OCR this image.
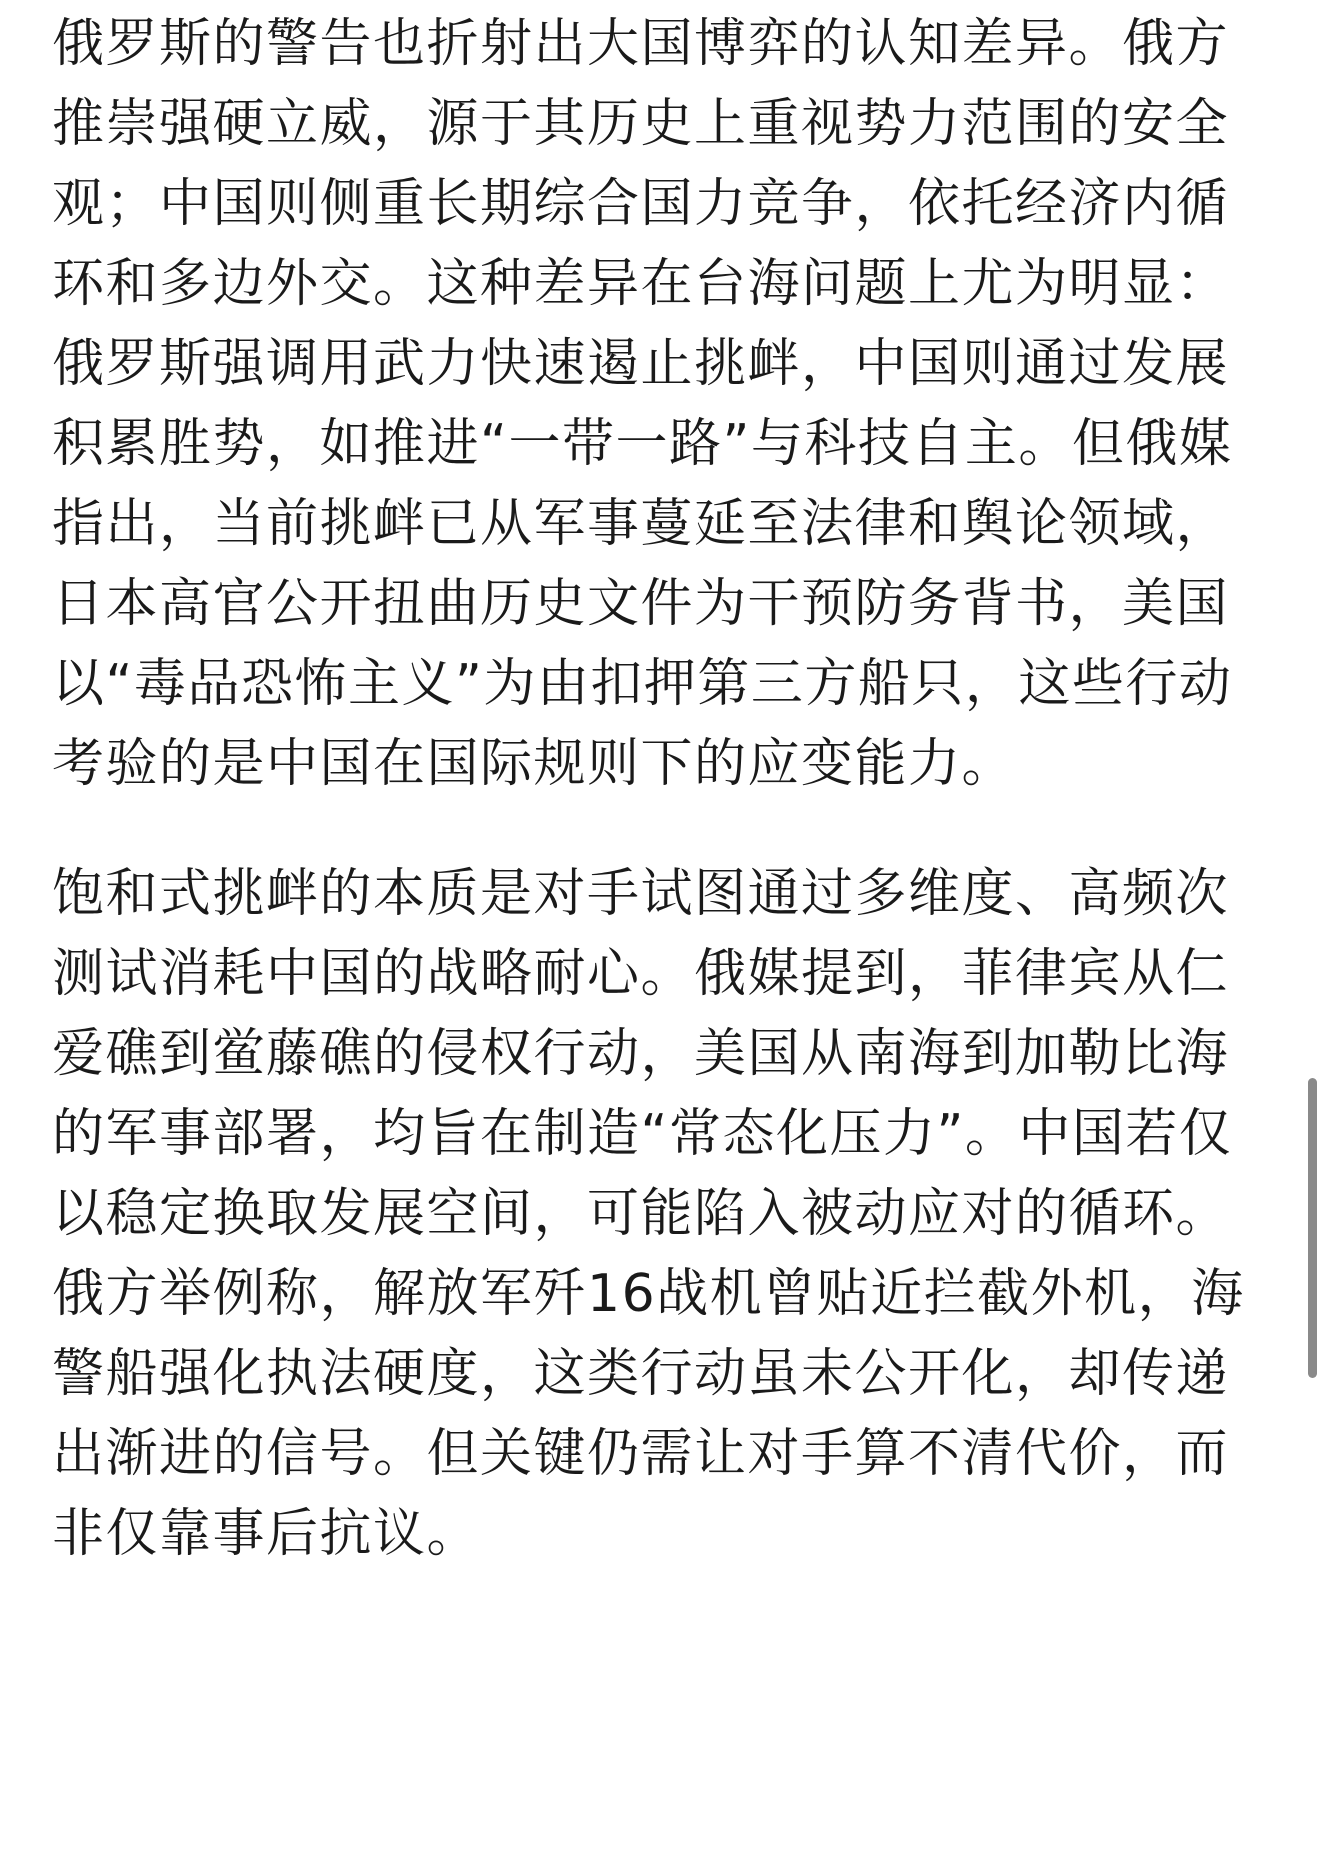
俄罗斯的警告也折射出大国博弈的认知差异。俄方
推崇强硬立威，源于其历史上重视势力范围的安全
观；中国则侧重长期综合国力竞争，依托经济内循
环和多边外交。这种差异在台海问题上尤为明显：
俄罗斯强调用武力快速遏止挑衅，中国则通过发展
积累胜势，如推进“一带一路”与科技自主。但俄媒
指出，当前挑衅已从军事蔓延至法律和舆论领域，
日本高官公开扭曲历史文件为干预防务背书，美国
以“毒品恐怖主义”为由扣押第三方船只，这些行动
考验的是中国在国际规则下的应变能力。
饱和式挑衅的本质是对手试图通过多维度、高频次
测试消耗中国的战略耐心。俄媒提到，菲律宾从仁
爱礁到鲎藤礁的侵权行动，美国从南海到加勒比海
的军事部署，均旨在制造“常态化压力”。中国若仅
以稳定换取发展空间，可能陷入被动应对的循环。
俄方举例称，解放军歼16战机曾贴近拦截外机，海
警船强化执法硬度，这类行动虽未公开化，却传递
出渐进的信号。但关键仍需让对手算不清代价，而
非仅靠事后抗议。
